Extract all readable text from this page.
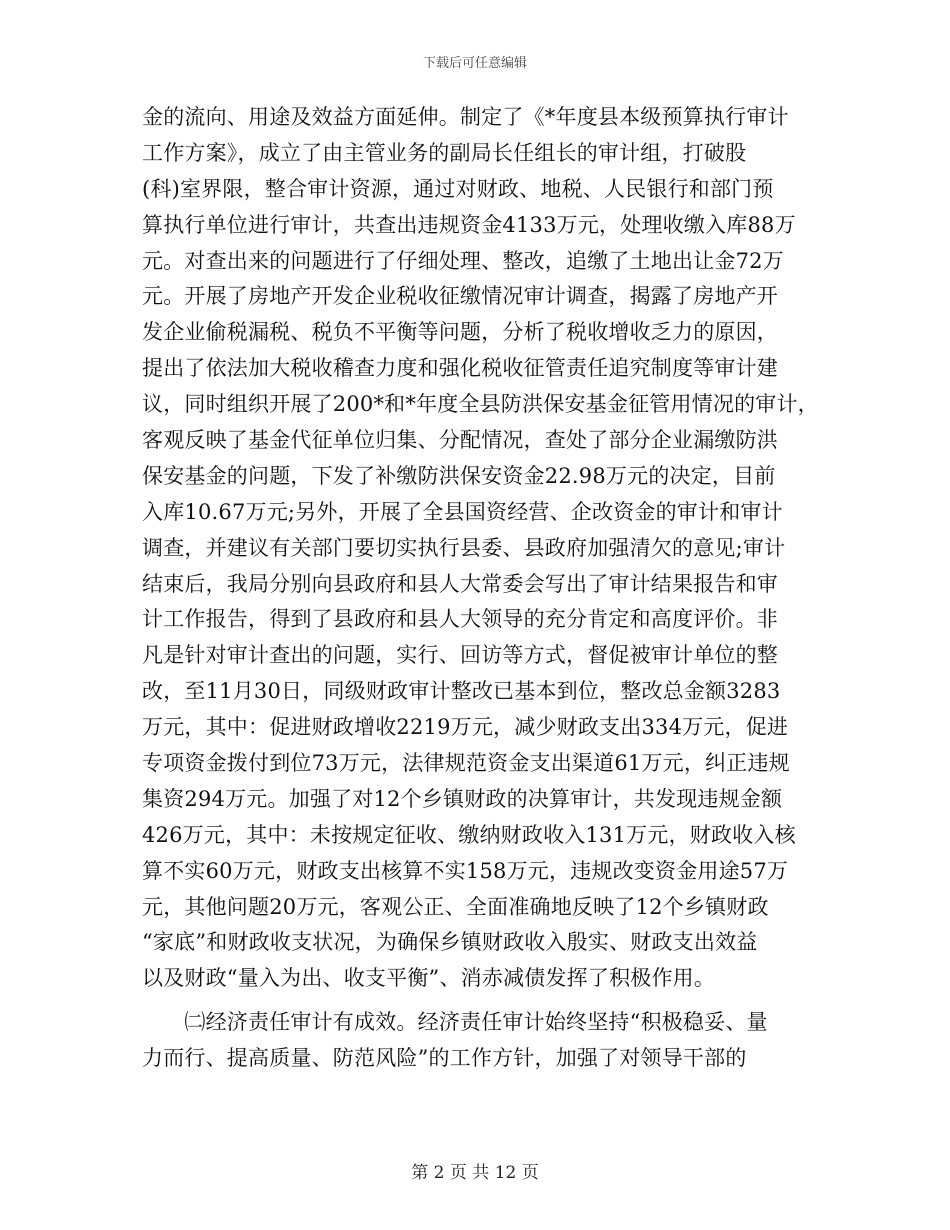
下载后可任意编辑
金的流向、用途及效益方面延伸。制定了《*年度县本级预算执行审计
工作方案》，成立了由主管业务的副局长任组长的审计组，打破股
(科)室界限，整合审计资源，通过对财政、地税、人民银行和部门预
算执行单位进行审计，共查出违规资金4133万元，处理收缴入库88万
元。对查出来的问题进行了仔细处理、整改，追缴了土地出让金72万
元。开展了房地产开发企业税收征缴情况审计调查，揭露了房地产开
发企业偷税漏税、税负不平衡等问题，分析了税收增收乏力的原因，
提出了依法加大税收稽查力度和强化税收征管责任追究制度等审计建
议，同时组织开展了200*和*年度全县防洪保安基金征管用情况的审计，
客观反映了基金代征单位归集、分配情况，查处了部分企业漏缴防洪
保安基金的问题，下发了补缴防洪保安资金22.98万元的决定，目前
入库10.67万元;另外，开展了全县国资经营、企改资金的审计和审计
调查，并建议有关部门要切实执行县委、县政府加强清欠的意见;审计
结束后，我局分别向县政府和县人大常委会写出了审计结果报告和审
计工作报告，得到了县政府和县人大领导的充分肯定和高度评价。非
凡是针对审计查出的问题，实行、回访等方式，督促被审计单位的整
改，至11月30日，同级财政审计整改已基本到位，整改总金额3283
万元，其中：促进财政增收2219万元，减少财政支出334万元，促进
专项资金拨付到位73万元，法律规范资金支出渠道61万元，纠正违规
集资294万元。加强了对12个乡镇财政的决算审计，共发现违规金额
426万元，其中：未按规定征收、缴纳财政收入131万元，财政收入核
算不实60万元，财政支出核算不实158万元，违规改变资金用途57万
元，其他问题20万元，客观公正、全面准确地反映了12个乡镇财政
“家底”和财政收支状况，为确保乡镇财政收入殷实、财政支出效益
以及财政“量入为出、收支平衡”、消赤减债发挥了积极作用。
　　㈡经济责任审计有成效。经济责任审计始终坚持“积极稳妥、量
力而行、提高质量、防范风险”的工作方针，加强了对领导干部的
第 2 页 共 12 页
